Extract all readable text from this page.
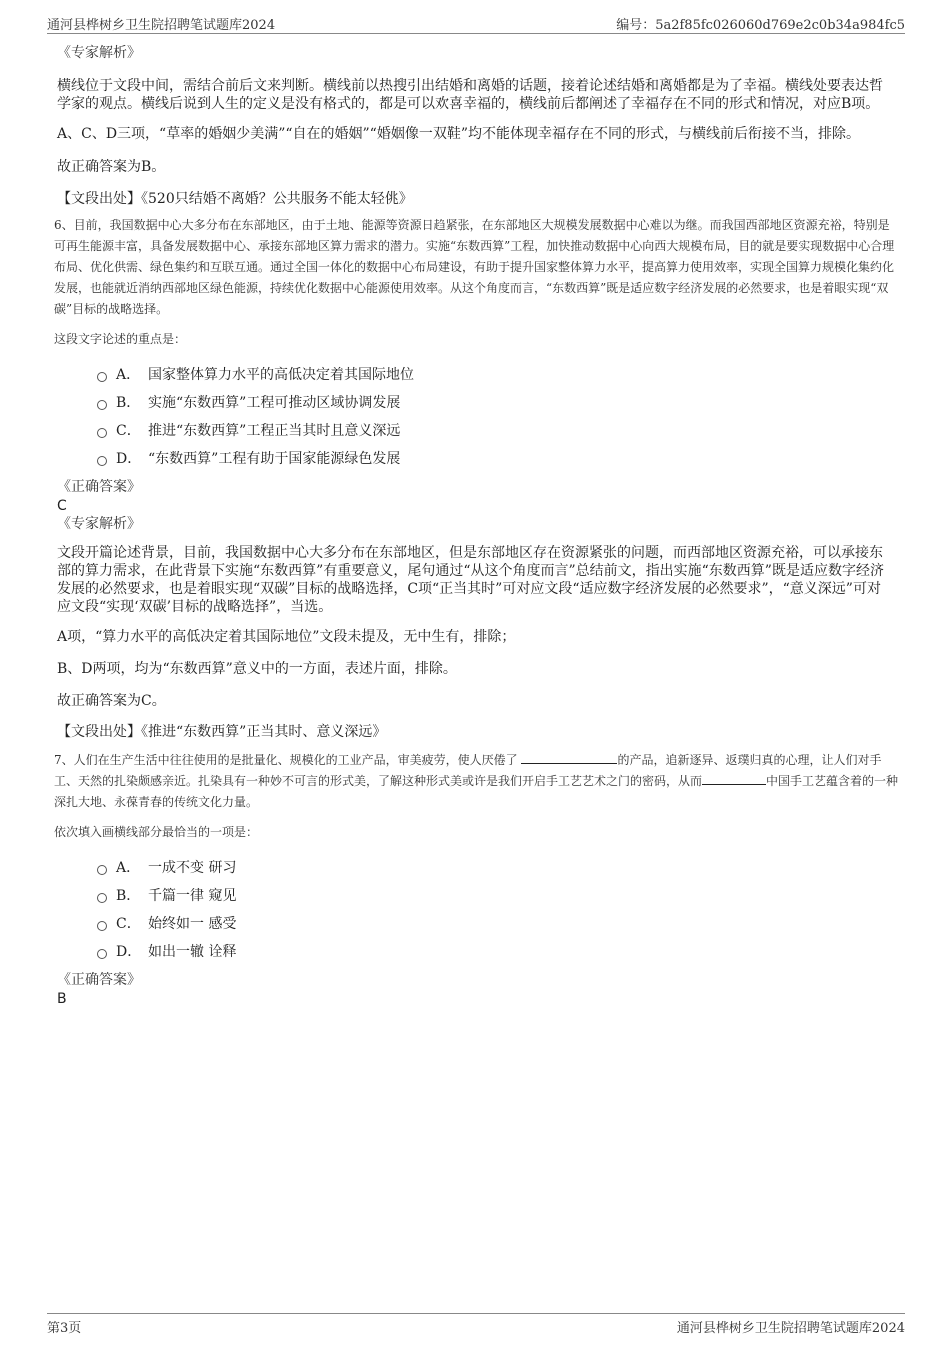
通河县桦树乡卫生院招聘笔试题库2024	编号：5a2f85fc026060d769e2c0b34a984fc5
《专家解析》
横线位于文段中间，需结合前后文来判断。横线前以热搜引出结婚和离婚的话题，接着论述结婚和离婚都是为了幸福。横线处要表达哲学家的观点。横线后说到人生的定义是没有格式的，都是可以欢喜幸福的，横线前后都阐述了幸福存在不同的形式和情况，对应B项。
A、C、D三项，“草率的婚姻少美满”“自在的婚姻”“婚姻像一双鞋”均不能体现幸福存在不同的形式，与横线前后衔接不当，排除。
故正确答案为B。
【文段出处】《520只结婚不离婚？公共服务不能太轻佻》
6、目前，我国数据中心大多分布在东部地区，由于土地、能源等资源日趋紧张，在东部地区大规模发展数据中心难以为继。而我国西部地区资源充裕，特别是可再生能源丰富，具备发展数据中心、承接东部地区算力需求的潜力。实施“东数西算”工程，加快推动数据中心向西大规模布局，目的就是要实现数据中心合理布局、优化供需、绿色集约和互联互通。通过全国一体化的数据中心布局建设，有助于提升国家整体算力水平，提高算力使用效率，实现全国算力规模化集约化发展，也能就近消纳西部地区绿色能源，持续优化数据中心能源使用效率。从这个角度而言，“东数西算”既是适应数字经济发展的必然要求，也是着眼实现“双碳”目标的战略选择。
这段文字论述的重点是：
A． 国家整体算力水平的高低决定着其国际地位
B． 实施“东数西算”工程可推动区域协调发展
C． 推进“东数西算”工程正当其时且意义深远
D． “东数西算”工程有助于国家能源绿色发展
《正确答案》
C
《专家解析》
文段开篇论述背景，目前，我国数据中心大多分布在东部地区，但是东部地区存在资源紧张的问题，而西部地区资源充裕，可以承接东部的算力需求，在此背景下实施“东数西算”有重要意义，尾句通过“从这个角度而言”总结前文，指出实施“东数西算”既是适应数字经济发展的必然要求，也是着眼实现“双碳”目标的战略选择，C项“正当其时”可对应文段“适应数字经济发展的必然要求”，“意义深远”可对应文段“实现‘双碳’目标的战略选择”，当选。
A项，“算力水平的高低决定着其国际地位”文段未提及，无中生有，排除；
B、D两项，均为“东数西算”意义中的一方面，表述片面，排除。
故正确答案为C。
【文段出处】《推进“东数西算”正当其时、意义深远》
7、人们在生产生活中往往使用的是批量化、规模化的工业产品，审美疲劳，使人厌倦了	的产品，追新逐异、返璞归真的心理，让人们对手工、天然的扎染颇感亲近。扎染具有一种妙不可言的形式美，了解这种形式美或许是我们开启手工艺艺术之门的密码，从而	中国手工艺蕴含着的一种深扎大地、永葆青春的传统文化力量。
依次填入画横线部分最恰当的一项是：
A． 一成不变 研习
B． 千篇一律 窥见
C． 始终如一 感受
D． 如出一辙 诠释
《正确答案》
B
第3页	通河县桦树乡卫生院招聘笔试题库2024
